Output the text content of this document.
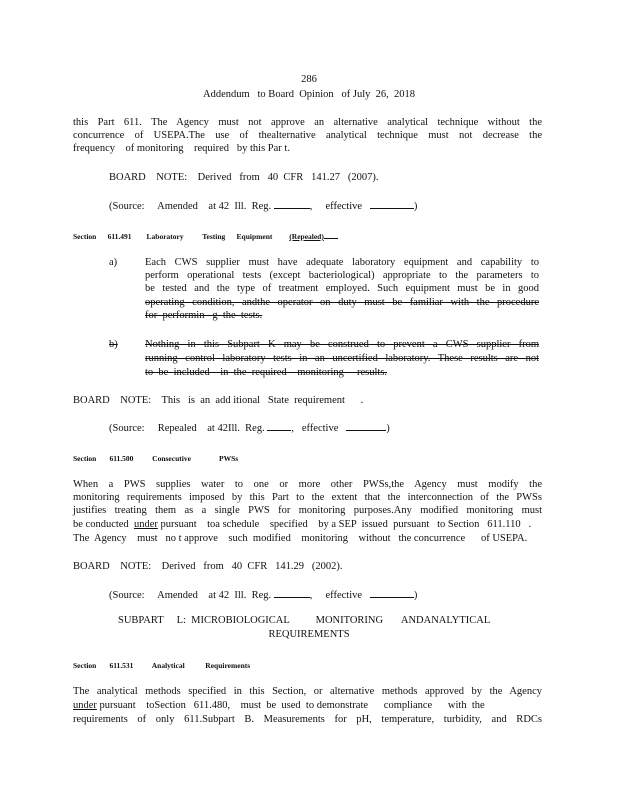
286
Addendum   to Board  Opinion   of July  26,  2018
this Part 611. The Agency must not approve an alternative analytical technique without the
concurrence of USEPA.The use of thealternative analytical technique must not decrease the
frequency    of monitoring    required   by this Par t.
BOARD    NOTE:    Derived   from   40  CFR   141.27   (2007).
(Source:     Amended    at 42  Ill.  Reg.	,     effective	)
Section      611.491        Laboratory          Testing      Equipment (Repealed)
a)	Each CWS supplier must have adequate laboratory equipment and capability to
perform operational tests (except bacteriological) appropriate to the parameters to
be tested and the type of treatment employed. Such equipment must be in good
operating condition, andthe operator on duty must be familiar with the procedure
for  performin   g  the  tests.
b)	Nothing in this Subpart K may be construed to prevent a CWS supplier from
running control laboratory tests in an uncertified laboratory. These results are not
to  be  included    in  the  required    monitoring     results.
BOARD    NOTE:    This   is  an  add itional   State  requirement      .
(Source:     Repealed    at 42Ill.  Reg.	,   effective	)
Section       611.500          Consecutive               PWSs
When a PWS supplies water to one or more other PWSs,the Agency must modify the
monitoring requirements imposed by this Part to the extent that the interconnection of the PWSs
justifies treating them as a single PWS for monitoring purposes.Any modified monitoring must
be conducted  under pursuant    toa schedule    specified    by a SEP  issued  pursuant   to Section   611.110   .
The  Agency    must   no t approve    such  modified    monitoring    without   the concurrence      of USEPA.
BOARD    NOTE:    Derived   from   40  CFR   141.29   (2002).
(Source:     Amended    at 42  Ill.  Reg.	,     effective	)
SUBPART     L:  MICROBIOLOGICAL          MONITORING       ANDANALYTICAL
REQUIREMENTS
Section       611.531          Analytical           Requirements
The analytical methods specified in this Section, or alternative methods approved by the Agency
under pursuant    toSection   611.480,    must  be  used  to demonstrate      compliance      with  the
requirements of only 611.Subpart B. Measurements for pH, temperature, turbidity, and RDCs
